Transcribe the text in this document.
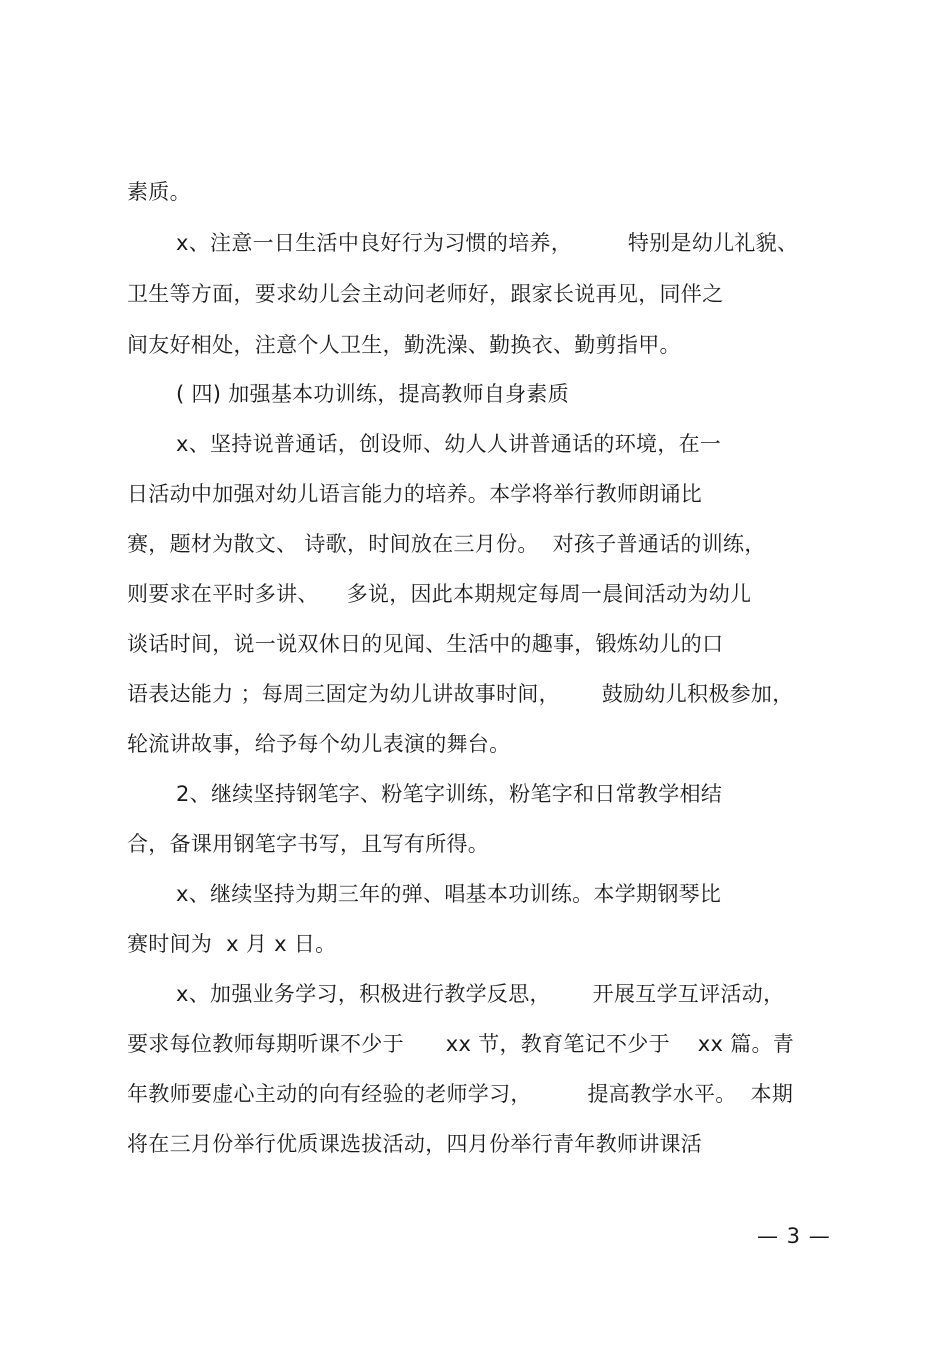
素质。
x、注意一日生活中良好行为习惯的培养，        特别是幼儿礼貌、
卫生等方面，要求幼儿会主动问老师好，跟家长说再见，同伴之
间友好相处，注意个人卫生，勤洗澡、勤换衣、勤剪指甲。
( 四) 加强基本功训练，提高教师自身素质
x、坚持说普通话，创设师、幼人人讲普通话的环境，在一
日活动中加强对幼儿语言能力的培养。本学将举行教师朗诵比
赛，题材为散文、 诗歌，时间放在三月份。  对孩子普通话的训练，
则要求在平时多讲、    多说，因此本期规定每周一晨间活动为幼儿
谈话时间，说一说双休日的见闻、生活中的趣事，锻炼幼儿的口
语表达能力 ；每周三固定为幼儿讲故事时间，      鼓励幼儿积极参加，
轮流讲故事，给予每个幼儿表演的舞台。
2、继续坚持钢笔字、粉笔字训练，粉笔字和日常教学相结
合，备课用钢笔字书写，且写有所得。
x、继续坚持为期三年的弹、唱基本功训练。本学期钢琴比
赛时间为  x 月 x 日。
x、加强业务学习，积极进行教学反思，      开展互学互评活动，
要求每位教师每期听课不少于      xx 节，教育笔记不少于    xx 篇。青
年教师要虚心主动的向有经验的老师学习，        提高教学水平。  本期
将在三月份举行优质课选拔活动，四月份举行青年教师讲课活
— 3 —
